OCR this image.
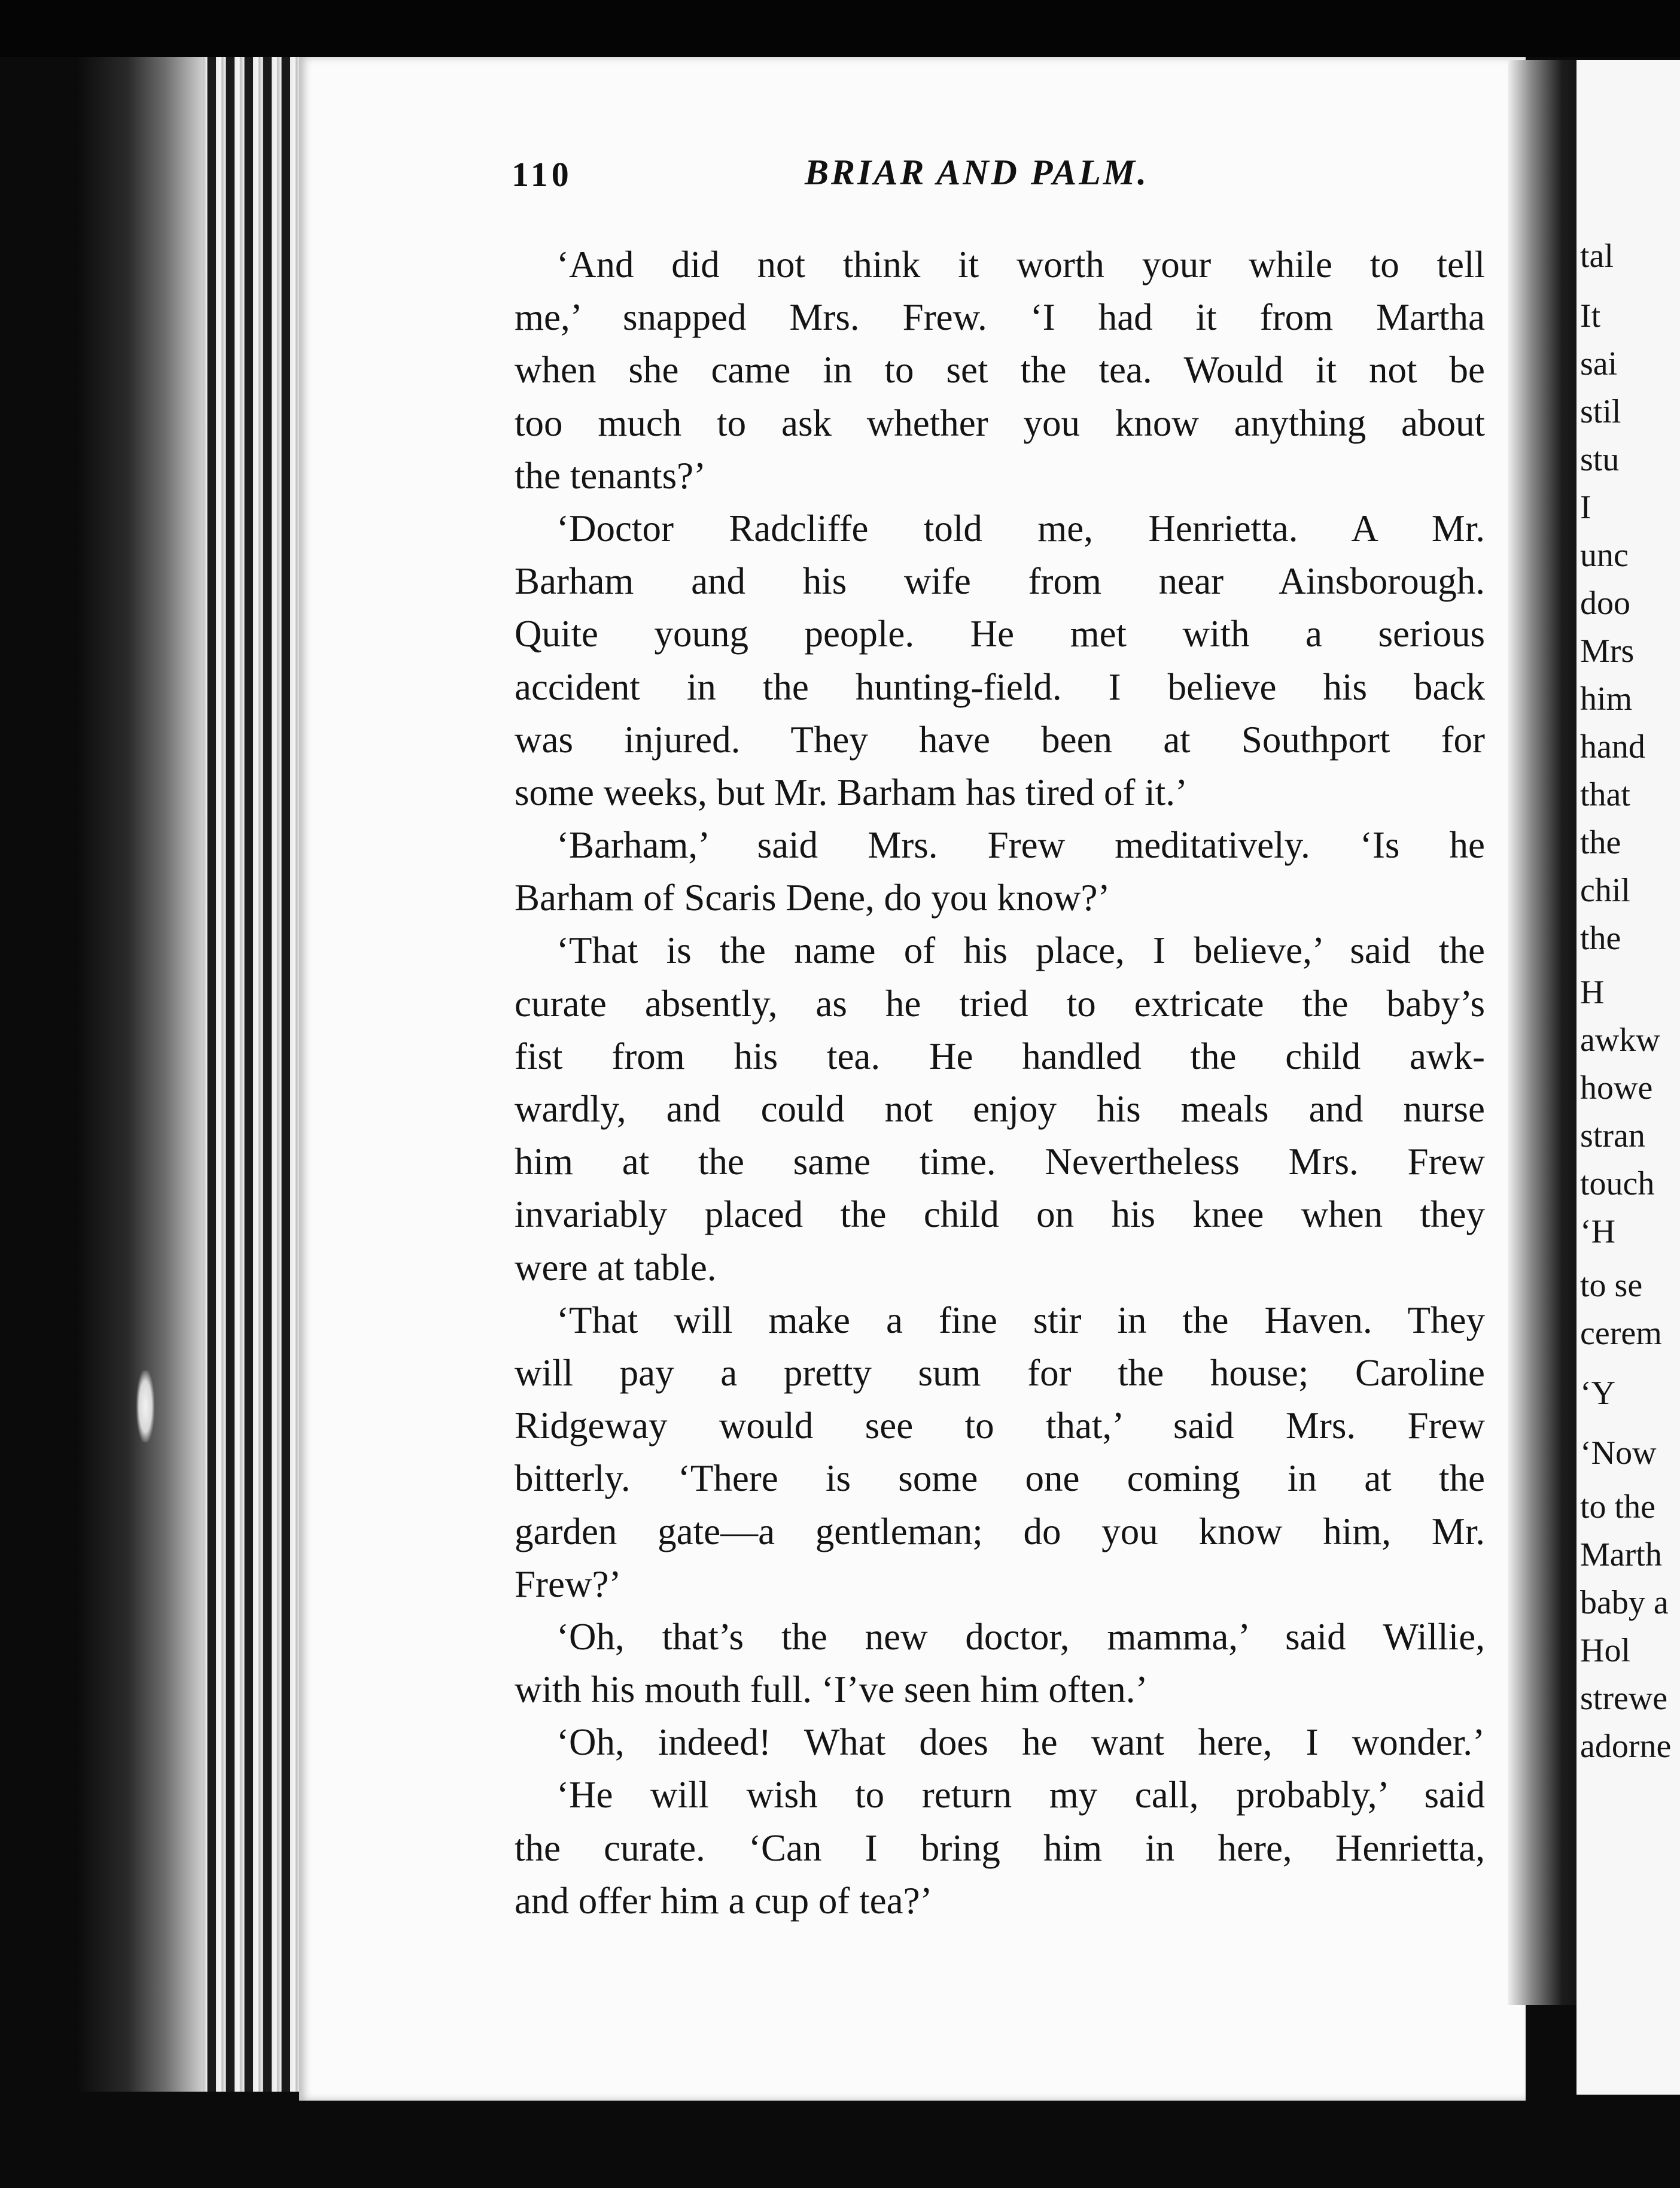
tal
It
sai
stil
stu
I
unc
doo
Mrs
him
hand
that
the
chil
the
H
awkw
howe
stran
touch
‘H
to se
cerem
‘Y
‘Now
to the
Marth
baby a
Hol
strewe
adorne
110	BRIAR AND PALM.
‘And did not think it worth your while to tell
me,’ snapped Mrs. Frew. ‘I had it from Martha
when she came in to set the tea. Would it not be
too much to ask whether you know anything about
the tenants?’
‘Doctor Radcliffe told me, Henrietta. A Mr.
Barham and his wife from near Ainsborough.
Quite young people. He met with a serious
accident in the hunting-field. I believe his back
was injured. They have been at Southport for
some weeks, but Mr. Barham has tired of it.’
‘Barham,’ said Mrs. Frew meditatively. ‘Is he
Barham of Scaris Dene, do you know?’
‘That is the name of his place, I believe,’ said the
curate absently, as he tried to extricate the baby’s
fist from his tea. He handled the child awk-
wardly, and could not enjoy his meals and nurse
him at the same time. Nevertheless Mrs. Frew
invariably placed the child on his knee when they
were at table.
‘That will make a fine stir in the Haven. They
will pay a pretty sum for the house; Caroline
Ridgeway would see to that,’ said Mrs. Frew
bitterly. ‘There is some one coming in at the
garden gate—a gentleman; do you know him, Mr.
Frew?’
‘Oh, that’s the new doctor, mamma,’ said Willie,
with his mouth full. ‘I’ve seen him often.’
‘Oh, indeed! What does he want here, I wonder.’
‘He will wish to return my call, probably,’ said
the curate. ‘Can I bring him in here, Henrietta,
and offer him a cup of tea?’
